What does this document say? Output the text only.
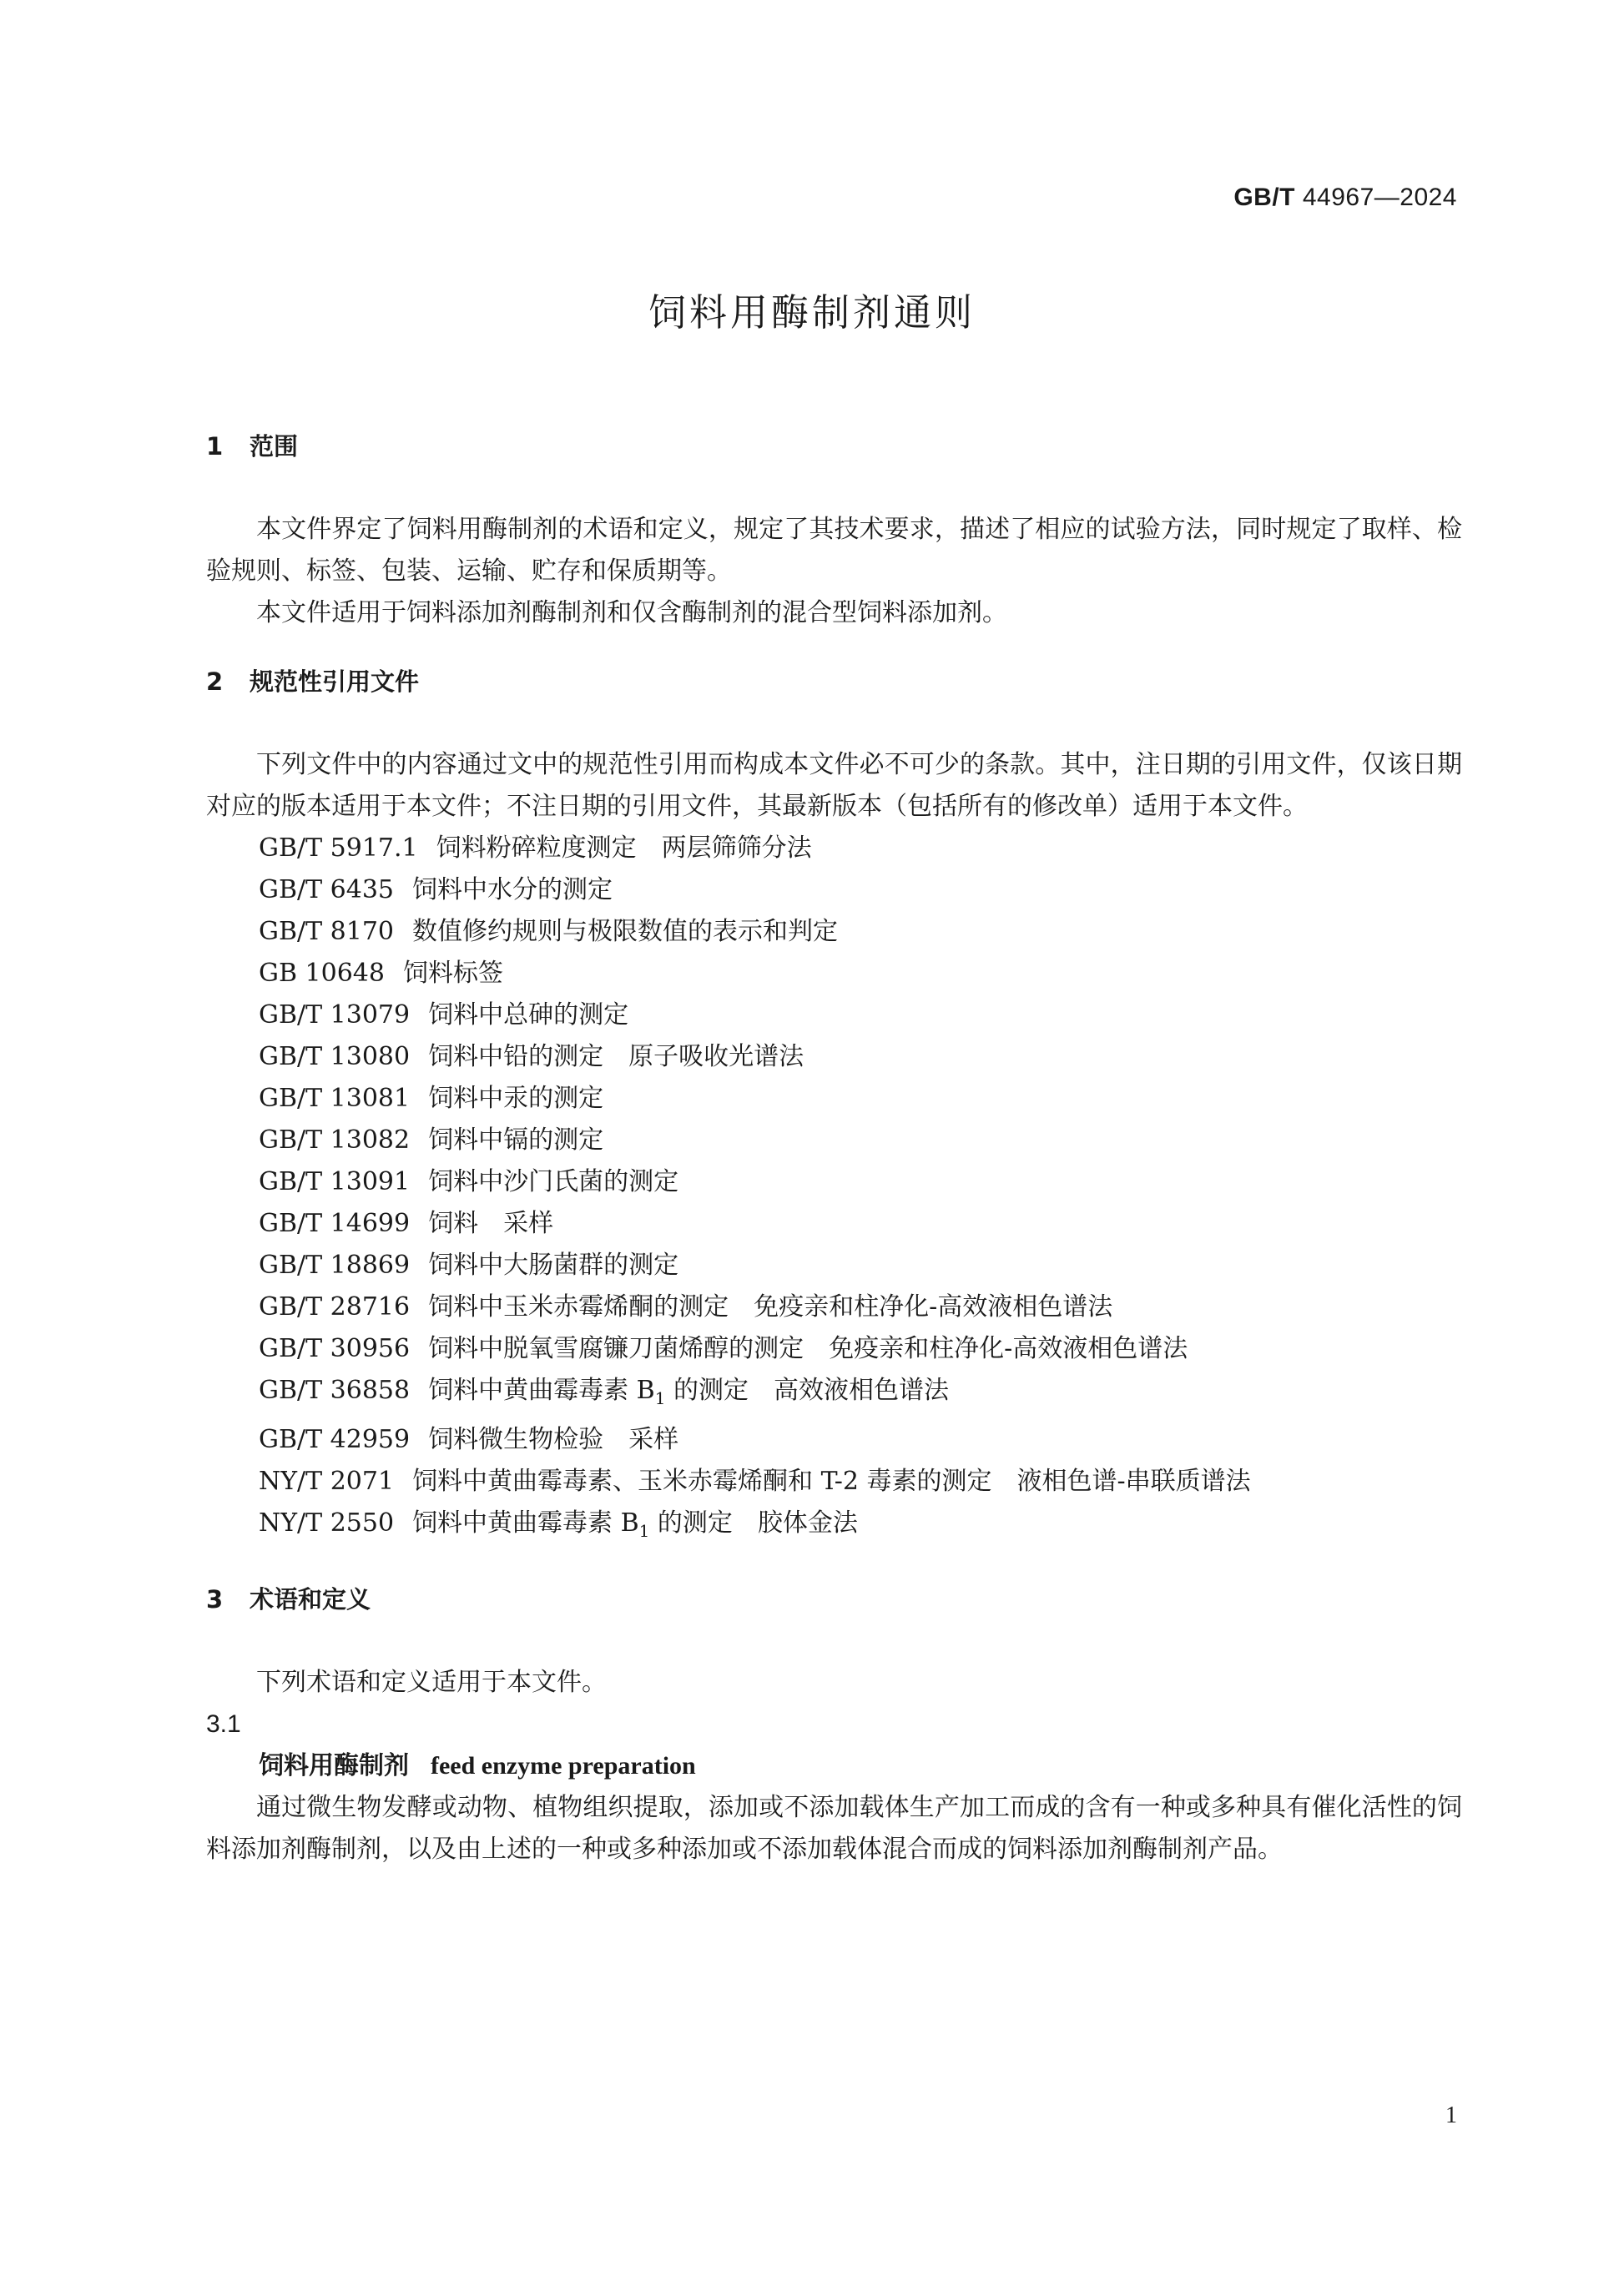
GB/T 44967—2024
饲料用酶制剂通则
1 范围

本文件界定了饲料用酶制剂的术语和定义，规定了其技术要求，描述了相应的试验方法，同时规定了取样、检验规则、标签、包装、运输、贮存和保质期等。

本文件适用于饲料添加剂酶制剂和仅含酶制剂的混合型饲料添加剂。

2 规范性引用文件

下列文件中的内容通过文中的规范性引用而构成本文件必不可少的条款。其中，注日期的引用文件，仅该日期对应的版本适用于本文件；不注日期的引用文件，其最新版本（包括所有的修改单）适用于本文件。

GB/T 5917.1 饲料粉碎粒度测定　两层筛筛分法

GB/T 6435 饲料中水分的测定

GB/T 8170 数值修约规则与极限数值的表示和判定

GB 10648 饲料标签

GB/T 13079 饲料中总砷的测定

GB/T 13080 饲料中铅的测定　原子吸收光谱法

GB/T 13081 饲料中汞的测定

GB/T 13082 饲料中镉的测定

GB/T 13091 饲料中沙门氏菌的测定

GB/T 14699 饲料　采样

GB/T 18869 饲料中大肠菌群的测定

GB/T 28716 饲料中玉米赤霉烯酮的测定　免疫亲和柱净化-高效液相色谱法

GB/T 30956 饲料中脱氧雪腐镰刀菌烯醇的测定　免疫亲和柱净化-高效液相色谱法

GB/T 36858 饲料中黄曲霉毒素 $B_1$ 的测定　高效液相色谱法

GB/T 42959 饲料微生物检验　采样

NY/T 2071 饲料中黄曲霉毒素、玉米赤霉烯酮和 T-2 毒素的测定　液相色谱-串联质谱法

NY/T 2550 饲料中黄曲霉毒素 $B_1$ 的测定　胶体金法

3 术语和定义

下列术语和定义适用于本文件。

3.1

饲料用酶制剂 feed enzyme preparation

通过微生物发酵或动物、植物组织提取，添加或不添加载体生产加工而成的含有一种或多种具有催化活性的饲料添加剂酶制剂，以及由上述的一种或多种添加或不添加载体混合而成的饲料添加剂酶制剂产品。

1
